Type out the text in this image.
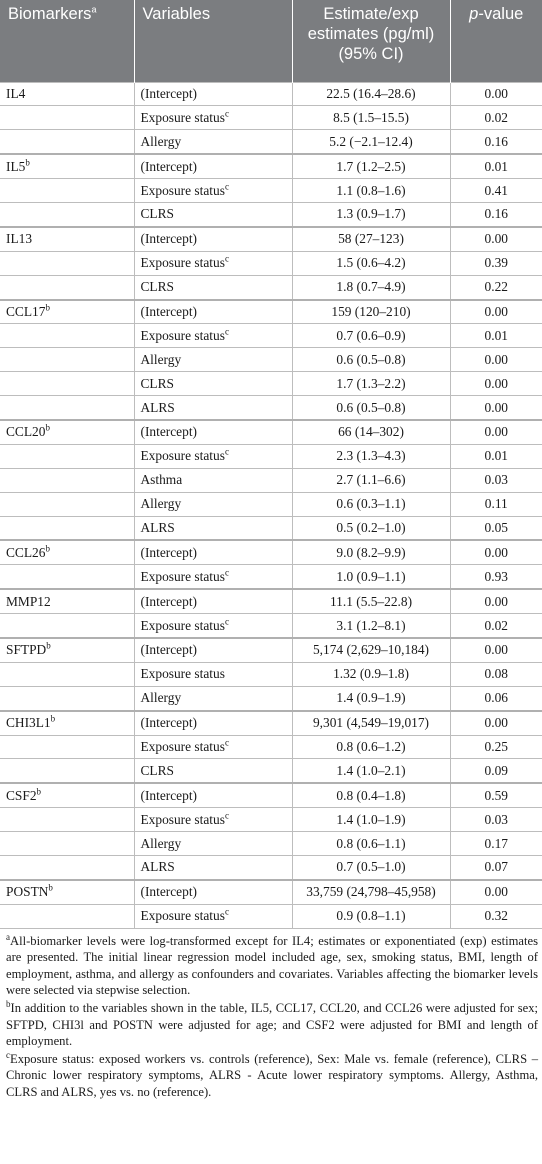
Biomarkers$^a$	Variables	Estimate/exp estimates (pg/ml) (95% CI)	p-value
IL4	(Intercept)	22.5 (16.4–28.6)	0.00
	Exposure status$^c$	8.5 (1.5–15.5)	0.02
	Allergy	5.2 (−2.1–12.4)	0.16
IL5$^b$	(Intercept)	1.7 (1.2–2.5)	0.01
	Exposure status$^c$	1.1 (0.8–1.6)	0.41
	CLRS	1.3 (0.9–1.7)	0.16
IL13	(Intercept)	58 (27–123)	0.00
	Exposure status$^c$	1.5 (0.6–4.2)	0.39
	CLRS	1.8 (0.7–4.9)	0.22
CCL17$^b$	(Intercept)	159 (120–210)	0.00
	Exposure status$^c$	0.7 (0.6–0.9)	0.01
	Allergy	0.6 (0.5–0.8)	0.00
	CLRS	1.7 (1.3–2.2)	0.00
	ALRS	0.6 (0.5–0.8)	0.00
CCL20$^b$	(Intercept)	66 (14–302)	0.00
	Exposure status$^c$	2.3 (1.3–4.3)	0.01
	Asthma	2.7 (1.1–6.6)	0.03
	Allergy	0.6 (0.3–1.1)	0.11
	ALRS	0.5 (0.2–1.0)	0.05
CCL26$^b$	(Intercept)	9.0 (8.2–9.9)	0.00
	Exposure status$^c$	1.0 (0.9–1.1)	0.93
MMP12	(Intercept)	11.1 (5.5–22.8)	0.00
	Exposure status$^c$	3.1 (1.2–8.1)	0.02
SFTPD$^b$	(Intercept)	5,174 (2,629–10,184)	0.00
	Exposure status	1.32 (0.9–1.8)	0.08
	Allergy	1.4 (0.9–1.9)	0.06
CHI3L1$^b$	(Intercept)	9,301 (4,549–19,017)	0.00
	Exposure status$^c$	0.8 (0.6–1.2)	0.25
	CLRS	1.4 (1.0–2.1)	0.09
CSF2$^b$	(Intercept)	0.8 (0.4–1.8)	0.59
	Exposure status$^c$	1.4 (1.0–1.9)	0.03
	Allergy	0.8 (0.6–1.1)	0.17
	ALRS	0.7 (0.5–1.0)	0.07
POSTN$^b$	(Intercept)	33,759 (24,798–45,958)	0.00
	Exposure status$^c$	0.9 (0.8–1.1)	0.32

$^a$All-biomarker levels were log-transformed except for IL4; estimates or exponentiated (exp) estimates are presented. The initial linear regression model included age, sex, smoking status, BMI, length of employment, asthma, and allergy as confounders and covariates. Variables affecting the biomarker levels were selected via stepwise selection.

$^b$In addition to the variables shown in the table, IL5, CCL17, CCL20, and CCL26 were adjusted for sex; SFTPD, CHI3l and POSTN were adjusted for age; and CSF2 were adjusted for BMI and length of employment.

$^c$Exposure status: exposed workers vs. controls (reference), Sex: Male vs. female (reference), CLRS – Chronic lower respiratory symptoms, ALRS - Acute lower respiratory symptoms. Allergy, Asthma, CLRS and ALRS, yes vs. no (reference).
